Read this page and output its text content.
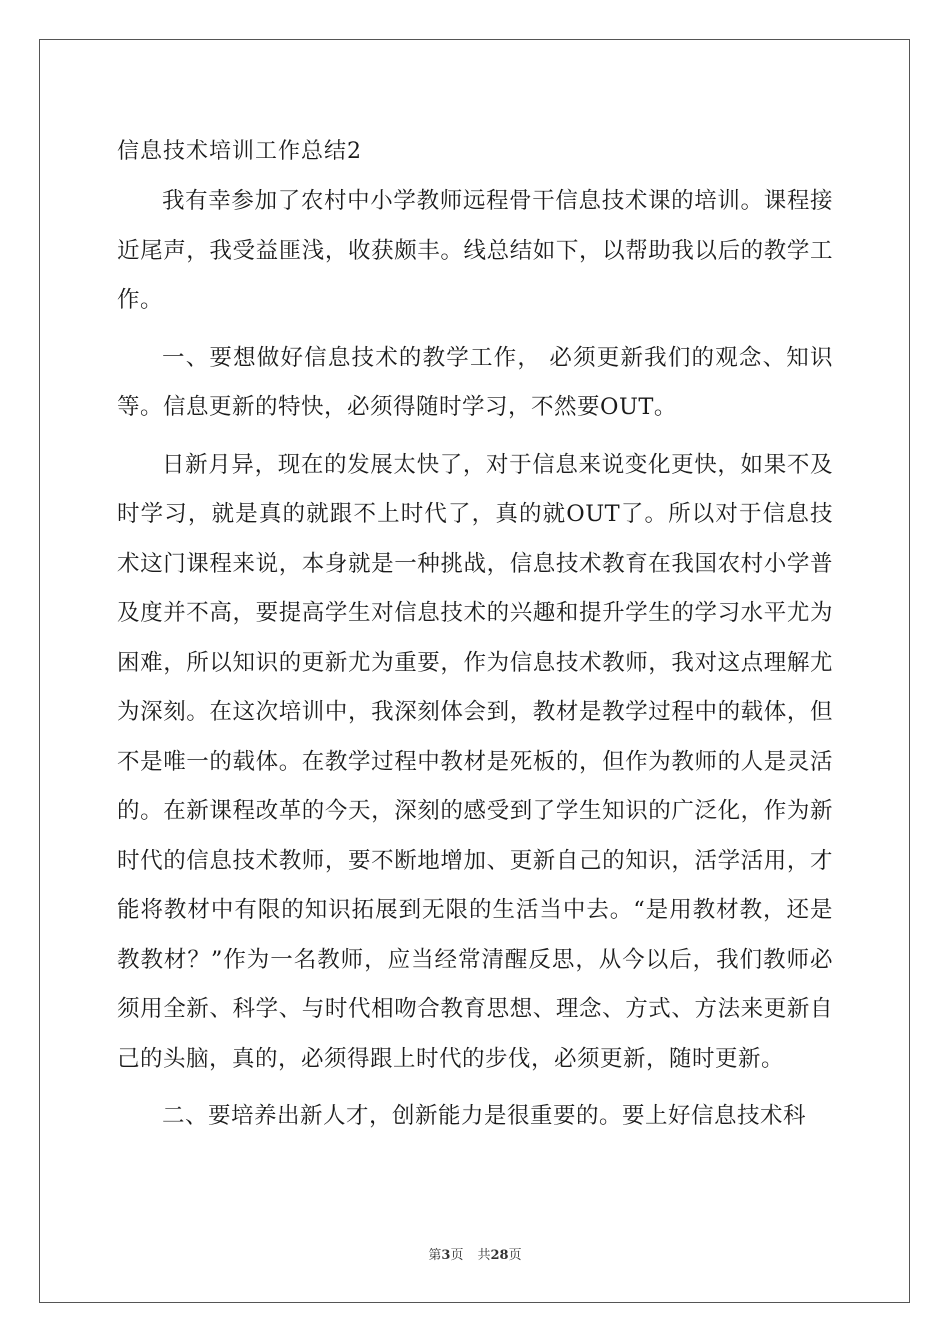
信息技术培训工作总结2

我有幸参加了农村中小学教师远程骨干信息技术课的培训。课程接近尾声，我受益匪浅，收获颇丰。线总结如下，以帮助我以后的教学工作。

一、要想做好信息技术的教学工作， 必须更新我们的观念、知识等。信息更新的特快，必须得随时学习，不然要OUT。

日新月异，现在的发展太快了，对于信息来说变化更快，如果不及时学习，就是真的就跟不上时代了，真的就OUT了。所以对于信息技术这门课程来说，本身就是一种挑战，信息技术教育在我国农村小学普及度并不高，要提高学生对信息技术的兴趣和提升学生的学习水平尤为困难，所以知识的更新尤为重要，作为信息技术教师，我对这点理解尤为深刻。在这次培训中，我深刻体会到，教材是教学过程中的载体，但不是唯一的载体。在教学过程中教材是死板的，但作为教师的人是灵活的。在新课程改革的今天，深刻的感受到了学生知识的广泛化，作为新时代的信息技术教师，要不断地增加、更新自己的知识，活学活用，才能将教材中有限的知识拓展到无限的生活当中去。“是用教材教，还是教教材？”作为一名教师，应当经常清醒反思，从今以后，我们教师必须用全新、科学、与时代相吻合教育思想、理念、方式、方法来更新自己的头脑，真的，必须得跟上时代的步伐，必须更新，随时更新。

二、要培养出新人才，创新能力是很重要的。要上好信息技术科

第3页 共28页
